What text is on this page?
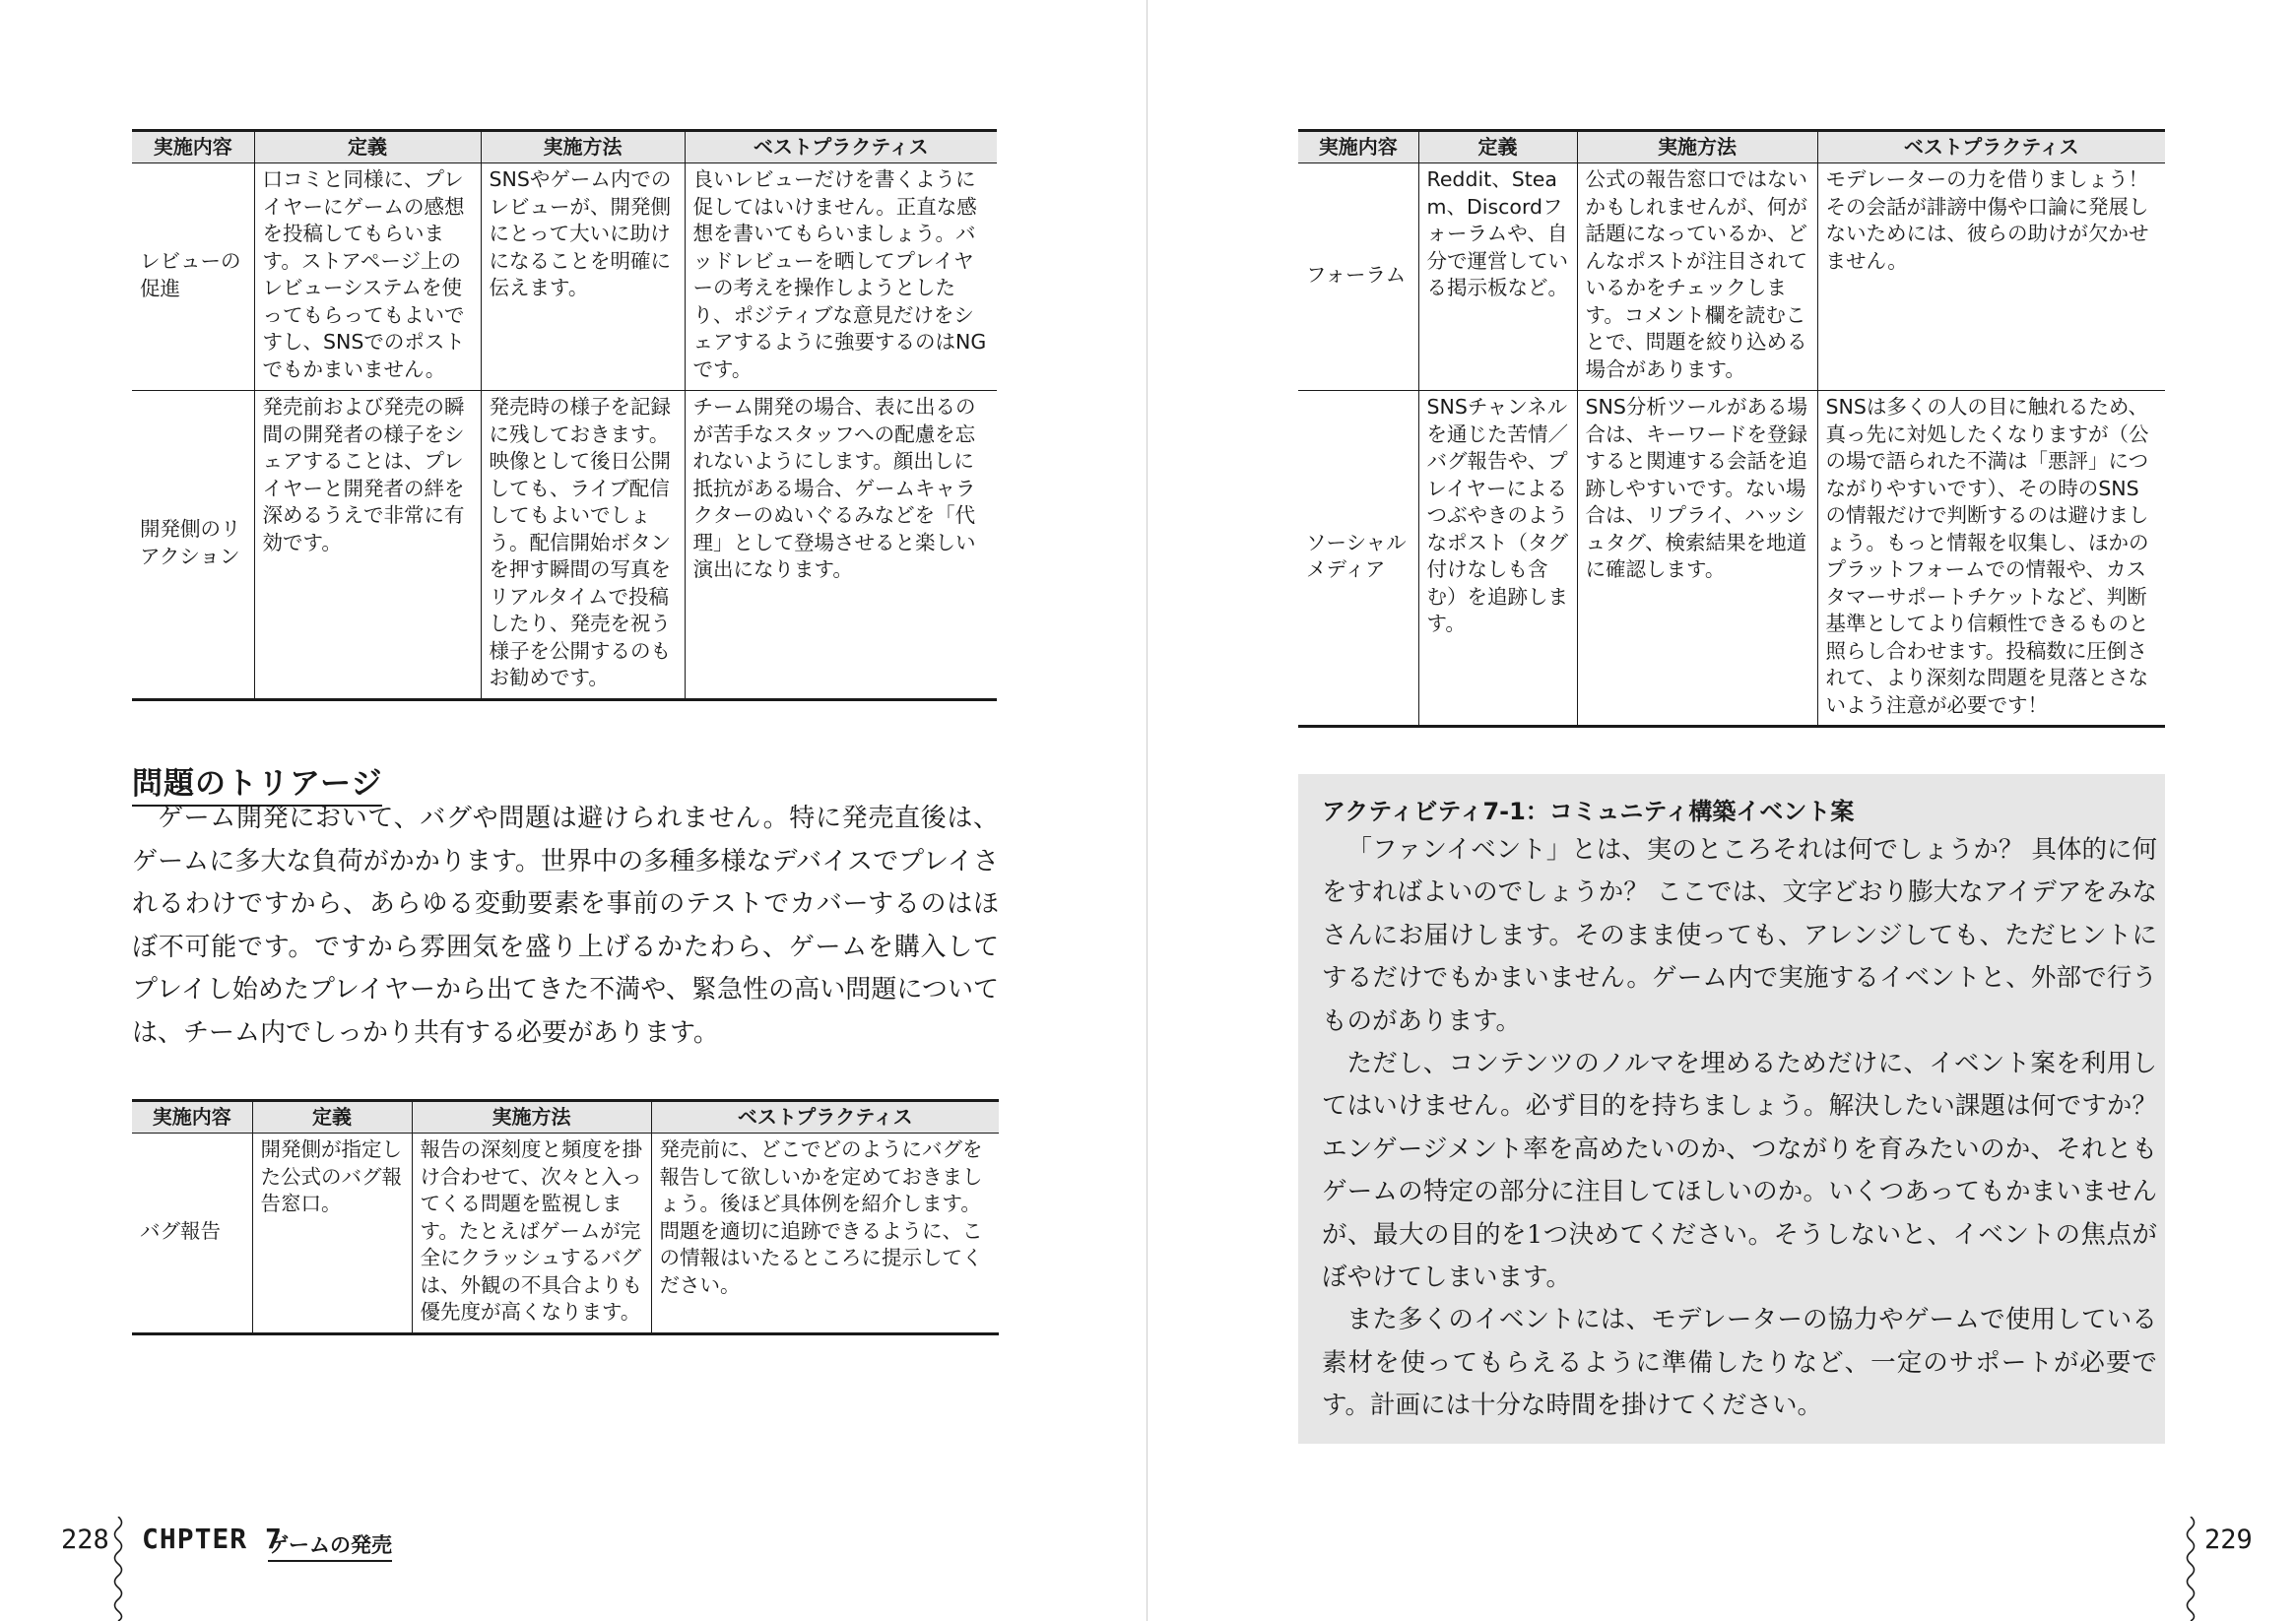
実施内容	定義	実施方法	ベストプラクティス
レビューの促進	口コミと同様に、プレイヤーにゲームの感想を投稿してもらいます。ストアページ上のレビューシステムを使ってもらってもよいですし、SNSでのポストでもかまいません。	SNSやゲーム内でのレビューが、開発側にとって大いに助けになることを明確に伝えます。	良いレビューだけを書くように促してはいけません。正直な感想を書いてもらいましょう。バッドレビューを晒してプレイヤーの考えを操作しようとしたり、ポジティブな意見だけをシェアするように強要するのはNGです。
開発側のリアクション	発売前および発売の瞬間の開発者の様子をシェアすることは、プレイヤーと開発者の絆を深めるうえで非常に有効です。	発売時の様子を記録に残しておきます。映像として後日公開しても、ライブ配信してもよいでしょう。配信開始ボタンを押す瞬間の写真をリアルタイムで投稿したり、発売を祝う様子を公開するのもお勧めです。	チーム開発の場合、表に出るのが苦手なスタッフへの配慮を忘れないようにします。顔出しに抵抗がある場合、ゲームキャラクターのぬいぐるみなどを「代理」として登場させると楽しい演出になります。
問題のトリアージ

ゲーム開発において、バグや問題は避けられません。特に発売直後は、ゲームに多大な負荷がかかります。世界中の多種多様なデバイスでプレイされるわけですから、あらゆる変動要素を事前のテストでカバーするのはほぼ不可能です。ですから雰囲気を盛り上げるかたわら、ゲームを購入してプレイし始めたプレイヤーから出てきた不満や、緊急性の高い問題については、チーム内でしっかり共有する必要があります。

実施内容	定義	実施方法	ベストプラクティス
バグ報告	開発側が指定した公式のバグ報告窓口。	報告の深刻度と頻度を掛け合わせて、次々と入ってくる問題を監視します。たとえばゲームが完全にクラッシュするバグは、外観の不具合よりも優先度が高くなります。	発売前に、どこでどのようにバグを報告して欲しいかを定めておきましょう。後ほど具体例を紹介します。問題を適切に追跡できるように、この情報はいたるところに提示してください。
228 CHPTER 7
ゲームの発売
実施内容	定義	実施方法	ベストプラクティス
フォーラム	Reddit、Steam、Discordフォーラムや、自分で運営している掲示板など。	公式の報告窓口ではないかもしれませんが、何が話題になっているか、どんなポストが注目されているかをチェックします。コメント欄を読むことで、問題を絞り込める場合があります。	モデレーターの力を借りましょう！その会話が誹謗中傷や口論に発展しないためには、彼らの助けが欠かせません。
ソーシャルメディア	SNSチャンネルを通じた苦情／バグ報告や、プレイヤーによるつぶやきのようなポスト（タグ付けなしも含む）を追跡します。	SNS分析ツールがある場合は、キーワードを登録すると関連する会話を追跡しやすいです。ない場合は、リプライ、ハッシュタグ、検索結果を地道に確認します。	SNSは多くの人の目に触れるため、真っ先に対処したくなりますが（公の場で語られた不満は「悪評」につながりやすいです）、その時のSNSの情報だけで判断するのは避けましょう。もっと情報を収集し、ほかのプラットフォームでの情報や、カスタマーサポートチケットなど、判断基準としてより信頼性できるものと照らし合わせます。投稿数に圧倒されて、より深刻な問題を見落とさないよう注意が必要です！
アクティビティ7-1：コミュニティ構築イベント案

「ファンイベント」とは、実のところそれは何でしょうか？ 具体的に何をすればよいのでしょうか？ ここでは、文字どおり膨大なアイデアをみなさんにお届けします。そのまま使っても、アレンジしても、ただヒントにするだけでもかまいません。ゲーム内で実施するイベントと、外部で行うものがあります。

ただし、コンテンツのノルマを埋めるためだけに、イベント案を利用してはいけません。必ず目的を持ちましょう。解決したい課題は何ですか？ エンゲージメント率を高めたいのか、つながりを育みたいのか、それともゲームの特定の部分に注目してほしいのか。いくつあってもかまいませんが、最大の目的を1つ決めてください。そうしないと、イベントの焦点がぼやけてしまいます。

また多くのイベントには、モデレーターの協力やゲームで使用している素材を使ってもらえるように準備したりなど、一定のサポートが必要です。計画には十分な時間を掛けてください。

229
